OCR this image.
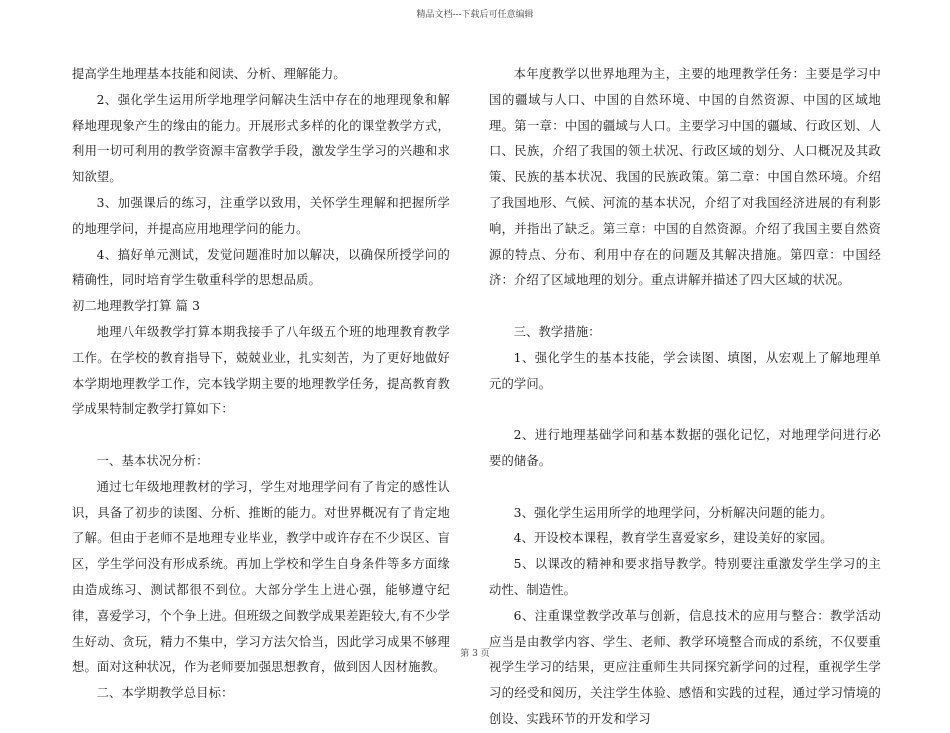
精品文档---下载后可任意编辑

提高学生地理基本技能和阅读、分析、理解能力。

2、强化学生运用所学地理学问解决生活中存在的地理现象和解释地理现象产生的缘由的能力。开展形式多样的化的课堂教学方式，利用一切可利用的教学资源丰富教学手段，激发学生学习的兴趣和求知欲望。

3、加强课后的练习，注重学以致用，关怀学生理解和把握所学的地理学问，并提高应用地理学问的能力。

4、搞好单元测试，发觉问题准时加以解决，以确保所授学问的精确性，同时培育学生敬重科学的思想品质。

初二地理教学打算 篇 3

地理八年级教学打算本期我接手了八年级五个班的地理教育教学工作。在学校的教育指导下，兢兢业业，扎实刻苦，为了更好地做好本学期地理教学工作，完本钱学期主要的地理教学任务，提高教育教学成果特制定教学打算如下：

一、基本状况分析：

通过七年级地理教材的学习，学生对地理学问有了肯定的感性认识，具备了初步的读图、分析、推断的能力。对世界概况有了肯定地了解。但由于老师不是地理专业毕业，教学中或许存在不少误区、盲区，学生学问没有形成系统。再加上学校和学生自身条件等多方面缘由造成练习、测试都很不到位。大部分学生上进心强，能够遵守纪律，喜爱学习，个个争上进。但班级之间教学成果差距较大,有不少学生好动、贪玩，精力不集中，学习方法欠恰当，因此学习成果不够理想。面对这种状况，作为老师要加强思想教育，做到因人因材施教。

二、本学期教学总目标：

本年度教学以世界地理为主，主要的地理教学任务：主要是学习中国的疆域与人口、中国的自然环境、中国的自然资源、中国的区域地理。第一章：中国的疆域与人口。主要学习中国的疆域、行政区划、人口、民族，介绍了我国的领土状况、行政区域的划分、人口概况及其政策、民族的基本状况、我国的民族政策。第二章：中国自然环境。介绍了我国地形、气候、河流的基本状况，介绍了对我国经济进展的有利影响，并指出了缺乏。第三章：中国的自然资源。介绍了我国主要自然资源的特点、分布、利用中存在的问题及其解决措施。第四章：中国经济：介绍了区域地理的划分。重点讲解并描述了四大区域的状况。

三、教学措施：

1、强化学生的基本技能，学会读图、填图，从宏观上了解地理单元的学问。

2、进行地理基础学问和基本数据的强化记忆，对地理学问进行必要的储备。

3、强化学生运用所学的地理学问，分析解决问题的能力。

4、开设校本课程，教育学生喜爱家乡，建设美好的家园。

5、以课改的精神和要求指导教学。特别要注重激发学生学习的主动性、制造性。

6、注重课堂教学改革与创新，信息技术的应用与整合：教学活动应当是由教学内容、学生、老师、教学环境整合而成的系统，不仅要重视学生学习的结果，更应注重师生共同探究新学问的过程，重视学生学习的经受和阅历，关注学生体验、感悟和实践的过程，通过学习情境的创设、实践环节的开发和学习

第 3 页
